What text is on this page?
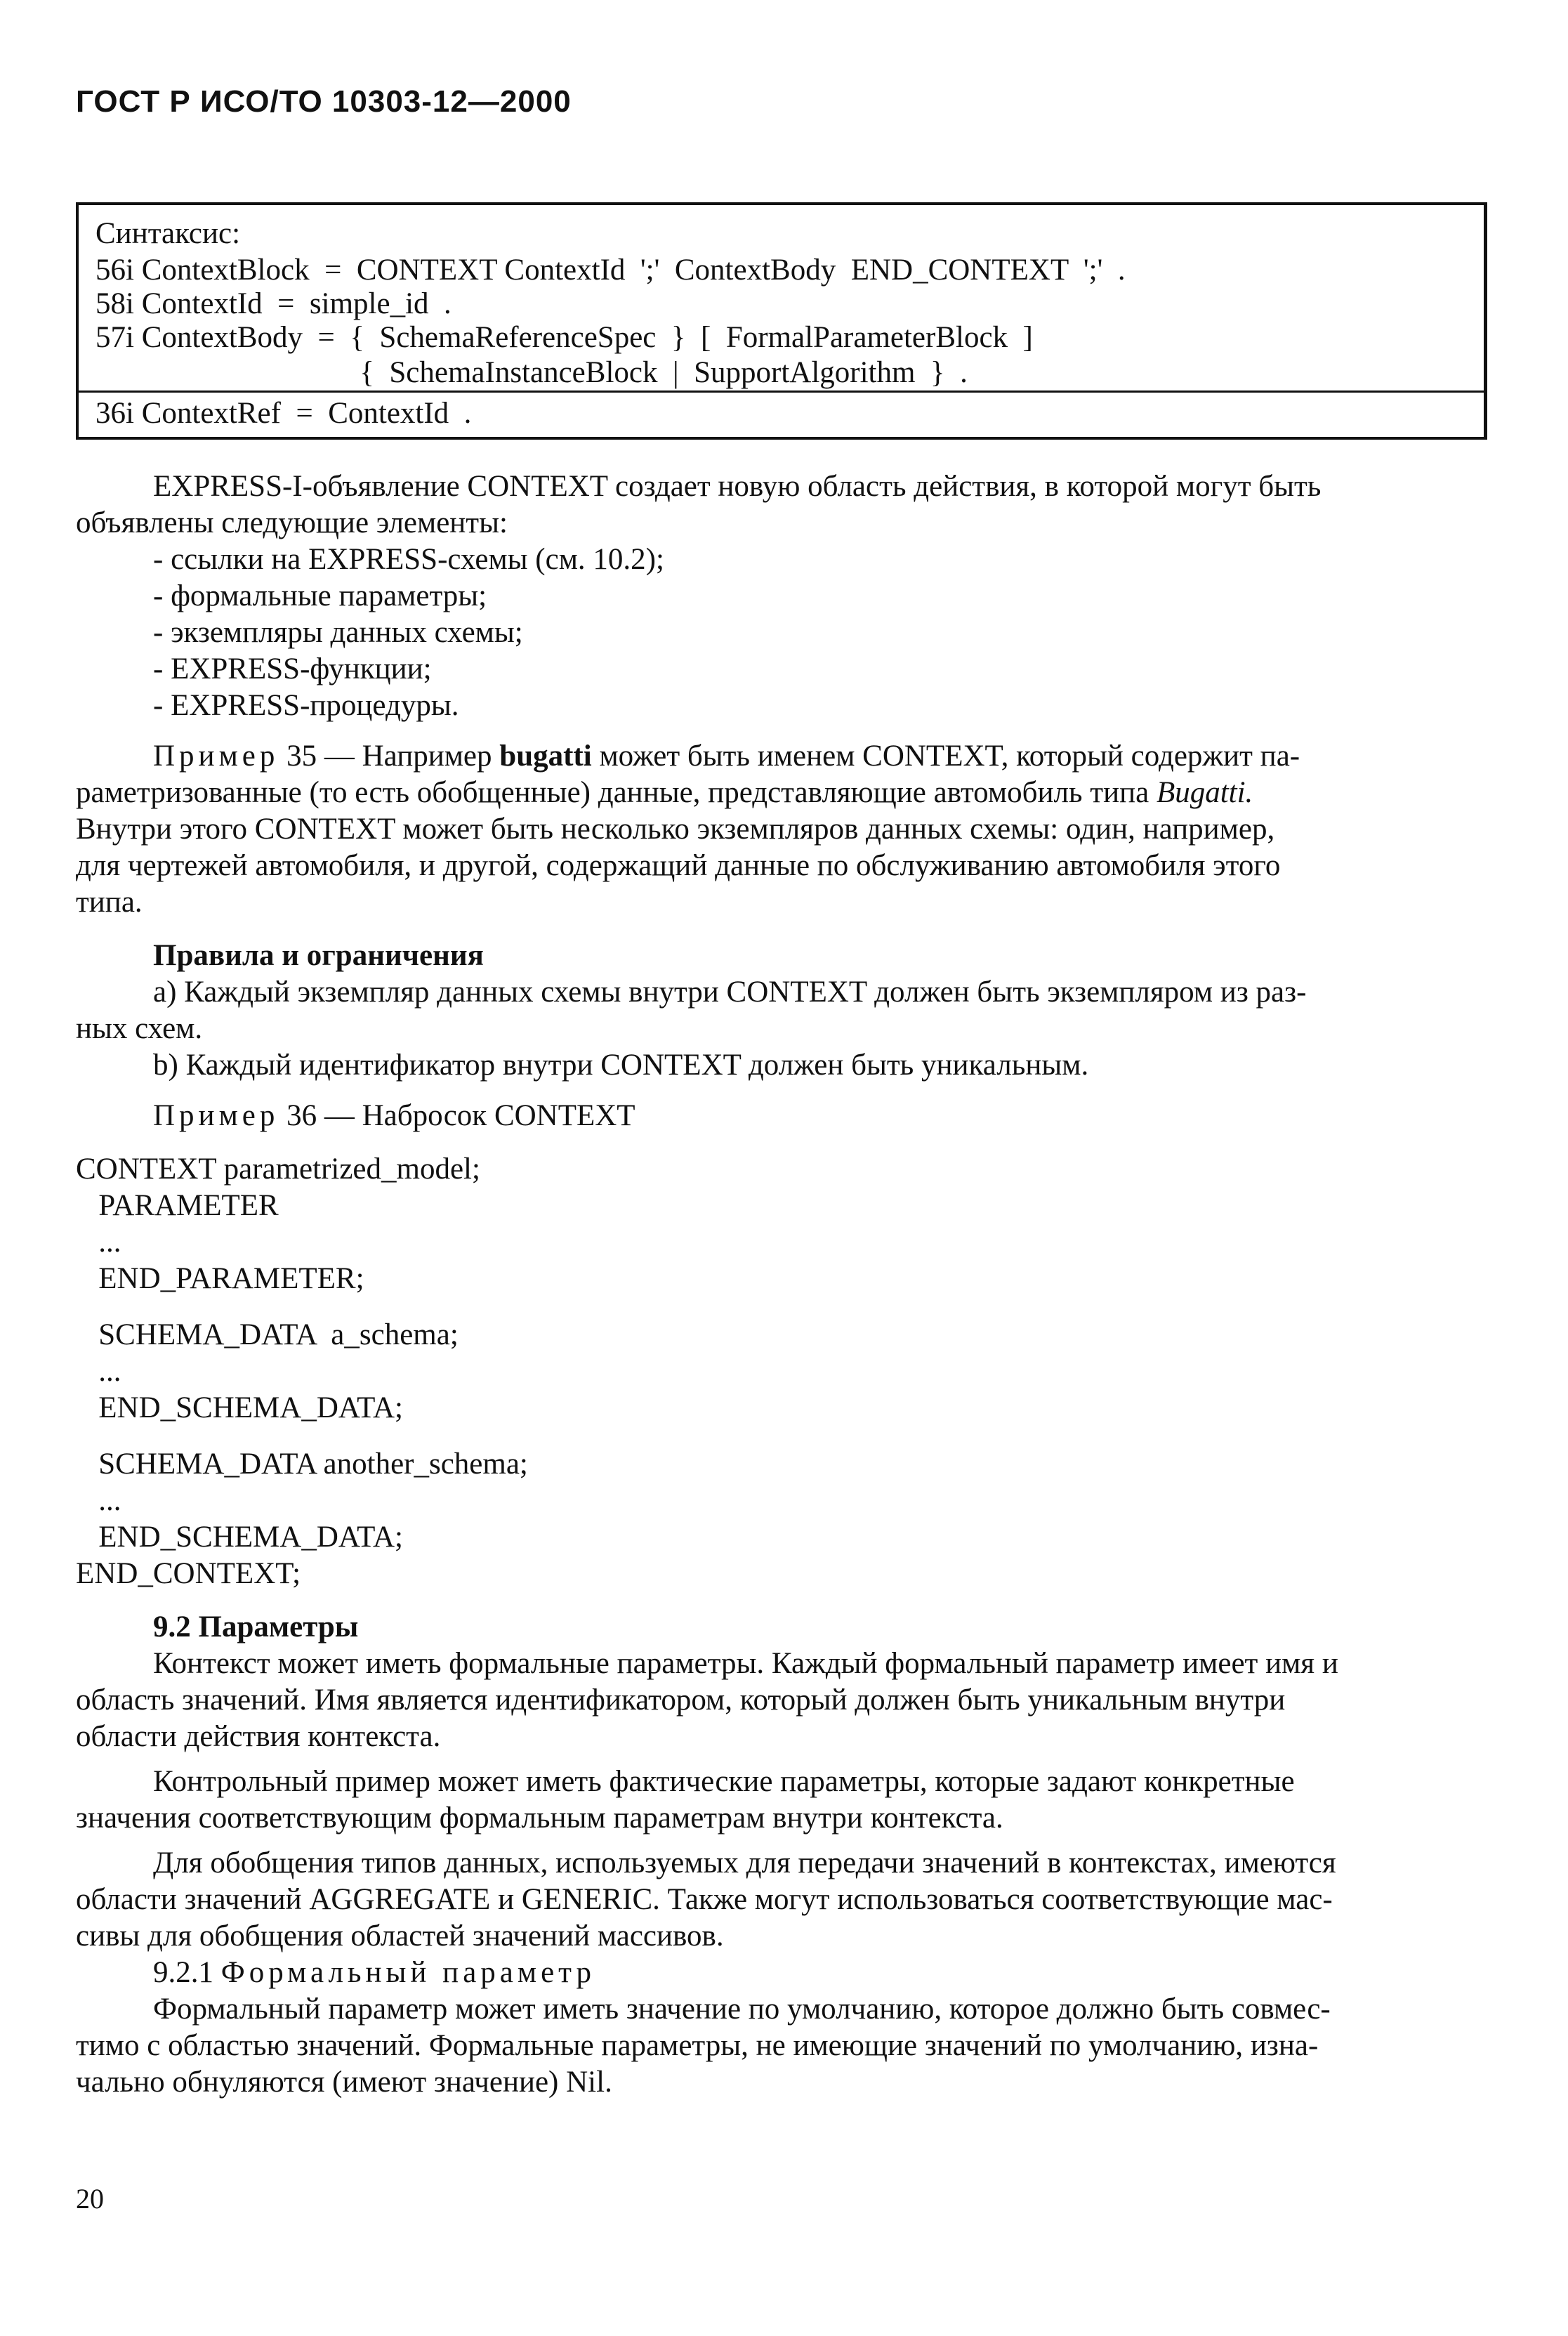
ГОСТ Р ИСО/ТО 10303-12—2000
Синтаксис:
56i ContextBlock  =  CONTEXT ContextId  ';'  ContextBody  END_CONTEXT  ';'  .
58i ContextId  =  simple_id  .
57i ContextBody  =  {  SchemaReferenceSpec  }  [  FormalParameterBlock  ]
{  SchemaInstanceBlock  |  SupportAlgorithm  }  .
36i ContextRef  =  ContextId  .
EXPRESS-I-объявление CONTEXT создает новую область действия, в которой могут быть
объявлены следующие элементы:
- ссылки на EXPRESS-схемы (см. 10.2);
- формальные параметры;
- экземпляры данных схемы;
- EXPRESS-функции;
- EXPRESS-процедуры.
Пример 35 — Например bugatti может быть именем CONTEXT, который содержит па-
раметризованные (то есть обобщенные) данные, представляющие автомобиль типа Bugatti.
Внутри этого CONTEXT может быть несколько экземпляров данных схемы: один, например,
для чертежей автомобиля, и другой, содержащий данные по обслуживанию автомобиля этого
типа.
Правила и ограничения
a) Каждый экземпляр данных схемы внутри CONTEXT должен быть экземпляром из раз-
ных схем.
b) Каждый идентификатор внутри CONTEXT должен быть уникальным.
Пример 36 — Набросок CONTEXT
CONTEXT parametrized_model;
PARAMETER
...
END_PARAMETER;
SCHEMA_DATA  a_schema;
...
END_SCHEMA_DATA;
SCHEMA_DATA another_schema;
...
END_SCHEMA_DATA;
END_CONTEXT;
9.2 Параметры
Контекст может иметь формальные параметры. Каждый формальный параметр имеет имя и
область значений. Имя является идентификатором, который должен быть уникальным внутри
области действия контекста.
Контрольный пример может иметь фактические параметры, которые задают конкретные
значения соответствующим формальным параметрам внутри контекста.
Для обобщения типов данных, используемых для передачи значений в контекстах, имеются
области значений AGGREGATE и GENERIC. Также могут использоваться соответствующие мас-
сивы для обобщения областей значений массивов.
9.2.1 Формальный параметр
Формальный параметр может иметь значение по умолчанию, которое должно быть совмес-
тимо с областью значений. Формальные параметры, не имеющие значений по умолчанию, изна-
чально обнуляются (имеют значение) Nil.
20
